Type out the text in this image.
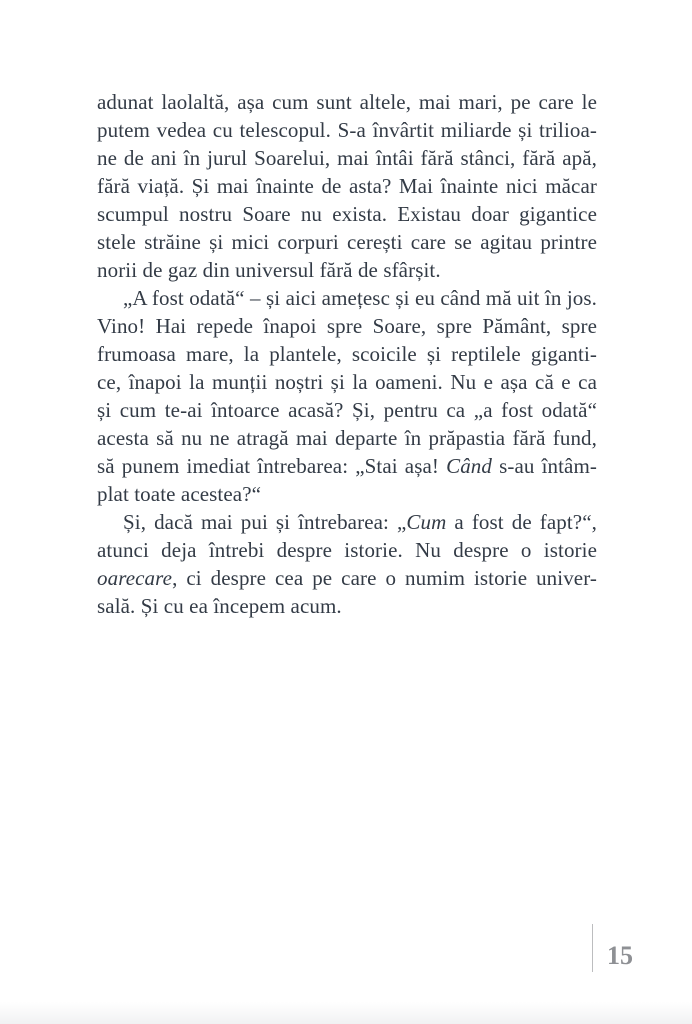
adunat laolaltă, așa cum sunt altele, mai mari, pe care le
putem vedea cu telescopul. S-a învârtit miliarde și trilioa-
ne de ani în jurul Soarelui, mai întâi fără stânci, fără apă,
fără viață. Și mai înainte de asta? Mai înainte nici măcar
scumpul nostru Soare nu exista. Existau doar gigantice
stele străine și mici corpuri cerești care se agitau printre
norii de gaz din universul fără de sfârșit.
„A fost odată“ – și aici amețesc și eu când mă uit în jos.
Vino! Hai repede înapoi spre Soare, spre Pământ, spre
frumoasa mare, la plantele, scoicile și reptilele giganti-
ce, înapoi la munții noștri și la oameni. Nu e așa că e ca
și cum te-ai întoarce acasă? Și, pentru ca „a fost odată“
acesta să nu ne atragă mai departe în prăpastia fără fund,
să punem imediat întrebarea: „Stai așa! Când s-au întâm-
plat toate acestea?“
Și, dacă mai pui și întrebarea: „Cum a fost de fapt?“,
atunci deja întrebi despre istorie. Nu despre o istorie
oarecare, ci despre cea pe care o numim istorie univer-
sală. Și cu ea începem acum.
15
